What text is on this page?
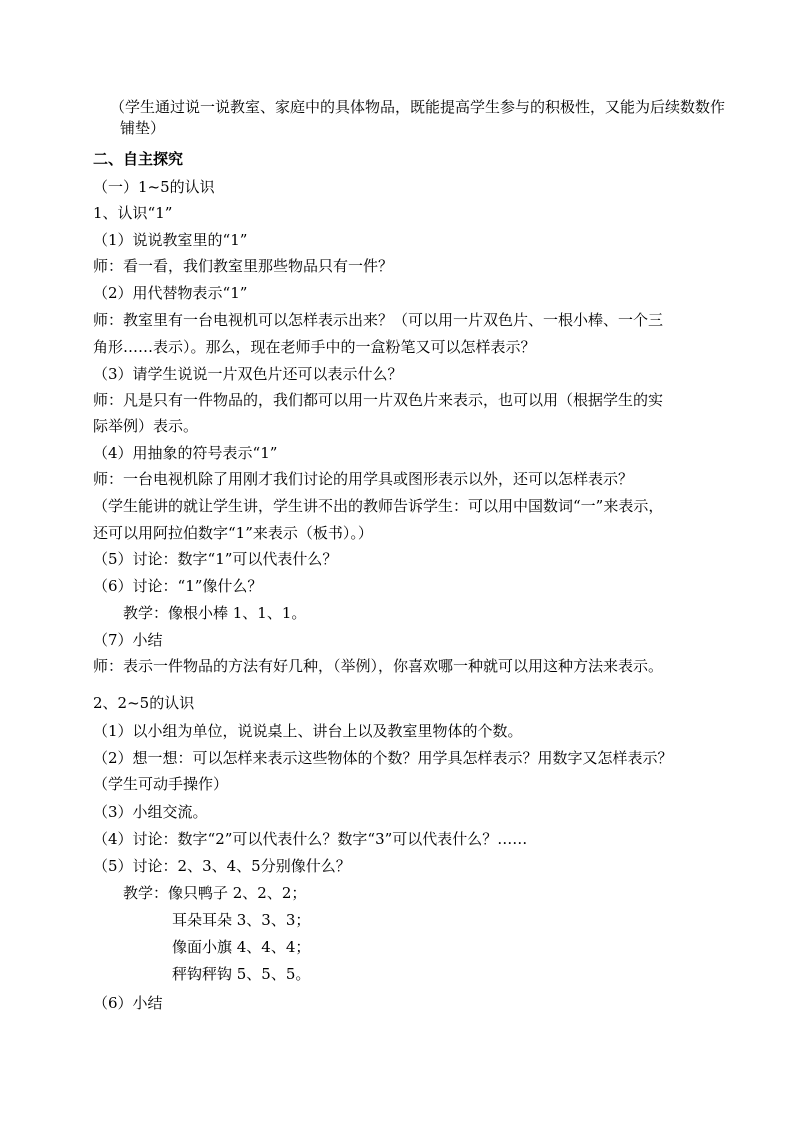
（学生通过说一说教室、家庭中的具体物品，既能提高学生参与的积极性，又能为后续数数作
铺垫）
二、自主探究
（一）1~5的认识
1、认识“1”
（1）说说教室里的“1”
师：看一看，我们教室里那些物品只有一件？
（2）用代替物表示“1”
师：教室里有一台电视机可以怎样表示出来？（可以用一片双色片、一根小棒、一个三
角形……表示）。那么，现在老师手中的一盒粉笔又可以怎样表示？
（3）请学生说说一片双色片还可以表示什么？
师：凡是只有一件物品的，我们都可以用一片双色片来表示，也可以用（根据学生的实
际举例）表示。
（4）用抽象的符号表示“1”
师：一台电视机除了用刚才我们讨论的用学具或图形表示以外，还可以怎样表示？
（学生能讲的就让学生讲，学生讲不出的教师告诉学生：可以用中国数词“一”来表示，
还可以用阿拉伯数字“1”来表示（板书）。）
（5）讨论：数字“1”可以代表什么？
（6）讨论：“1”像什么？
教学：像根小棒 1、1、1。
（7）小结
师：表示一件物品的方法有好几种，（举例），你喜欢哪一种就可以用这种方法来表示。
2、2~5的认识
（1）以小组为单位，说说桌上、讲台上以及教室里物体的个数。
（2）想一想：可以怎样来表示这些物体的个数？用学具怎样表示？用数字又怎样表示？
（学生可动手操作）
（3）小组交流。
（4）讨论：数字“2”可以代表什么？数字“3”可以代表什么？……
（5）讨论：2、3、4、5分别像什么？
教学：像只鸭子 2、2、2；
耳朵耳朵 3、3、3；
像面小旗 4、4、4；
秤钩秤钩 5、5、5。
（6）小结
